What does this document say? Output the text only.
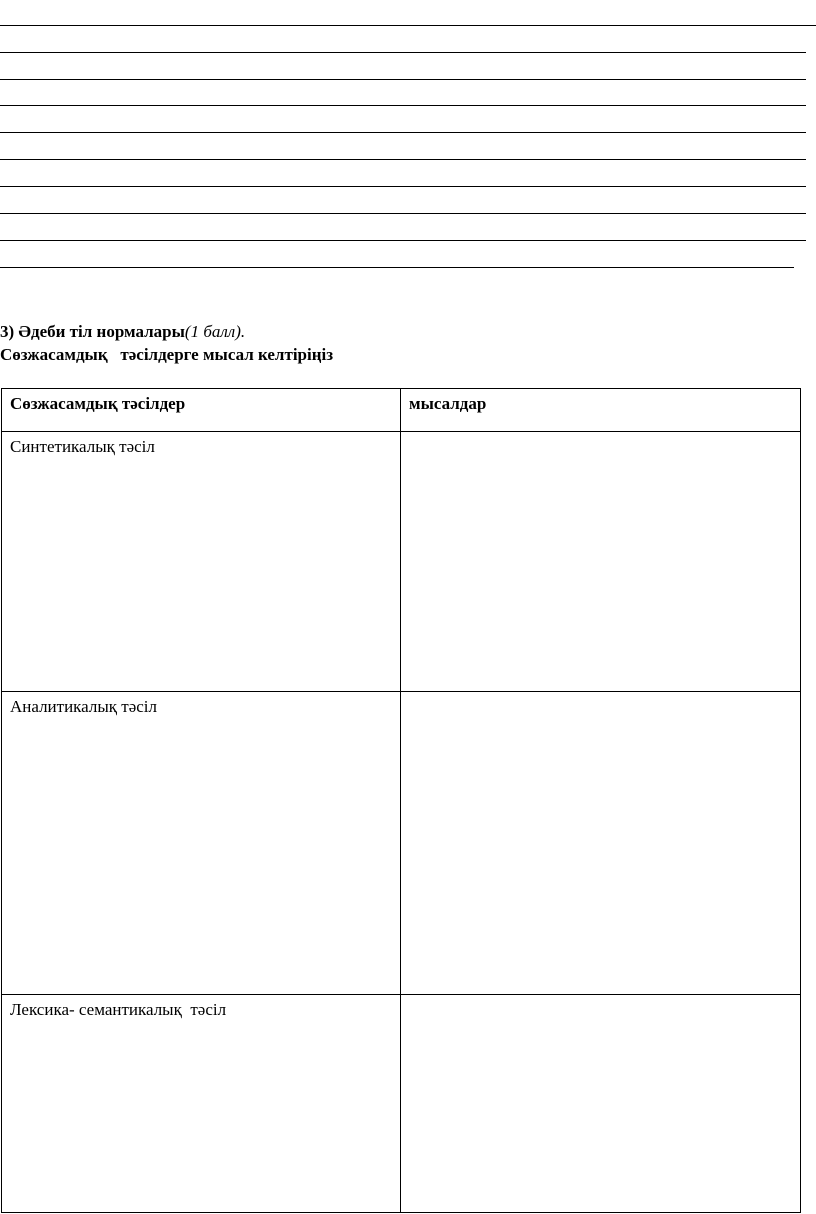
3) Әдеби тіл нормалары(1 балл).
Сөзжасамдық   тәсілдерге мысал келтіріңіз
Сөзжасамдық тәсілдер	мысалдар
Синтетикалық тәсіл	
Аналитикалық тәсіл	
Лексика- семантикалық  тәсіл	
